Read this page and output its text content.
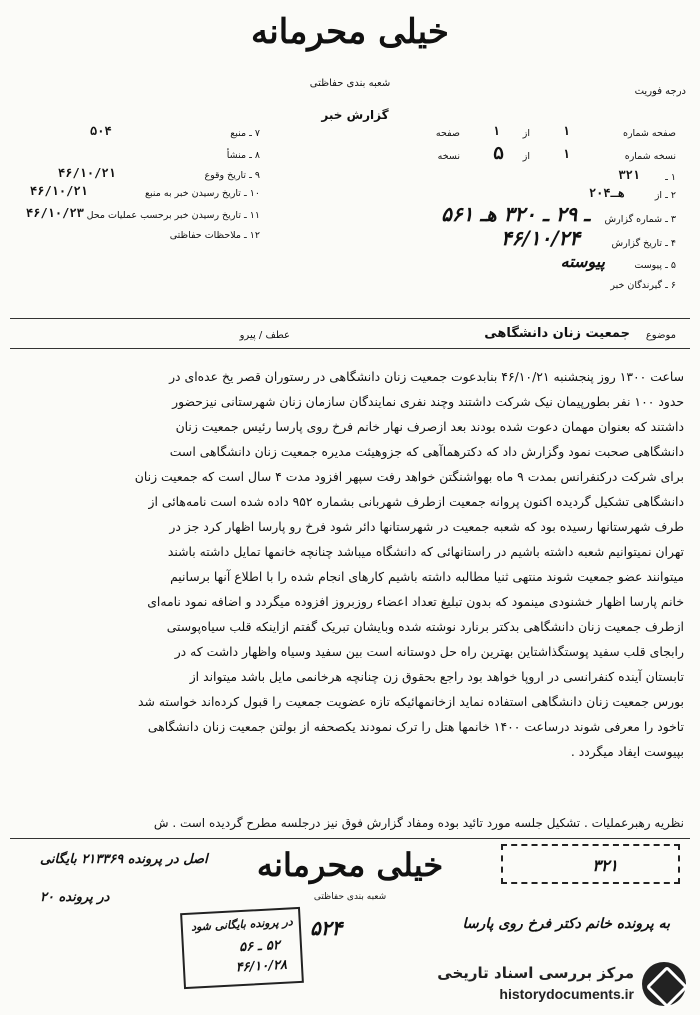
خیلی محرمانه
شعبه بندی حفاظتی
درجه فوریت
گزارش خبر
صفحه شماره
۱
از
۱
صفحه
نسخه شماره
۱
از
۵
نسخه
۱ ـ
۳۲۱
۲ ـ از
۲۰هـ۴
۳ ـ شماره گزارش
۵۶۱ ـ ۲۹ ـ ۳۲۰ هـ
۴ ـ تاریخ گزارش
۴۶/۱۰/۲۴
۵ ـ پیوست
پیوسته
۶ ـ گیرندگان خبر
۷ ـ منبع
۵۰۴
۸ ـ منشأ
۹ ـ تاریخ وقوع
۴۶/۱۰/۲۱
۱۰ ـ تاریخ رسیدن خبر به منبع
۴۶/۱۰/۲۱
۱۱ ـ تاریخ رسیدن خبر برحسب عملیات محل
۴۶/۱۰/۲۳
۱۲ ـ ملاحظات حفاظتی
موضوع
جمعیت زنان دانشگاهی
عطف / پیرو
ساعت ۱۳۰۰ روز پنجشنبه ۴۶/۱۰/۲۱ بنابدعوت جمعیت زنان دانشگاهی در رستوران قصر یخ عده‌ای در
حدود ۱۰۰ نفر بطورپیمان نیک شرکت داشتند وچند نفری نمایندگان سازمان زنان شهرستانی نیزحضور
داشتند که بعنوان مهمان دعوت شده بودند بعد ازصرف نهار خانم فرخ روی پارسا رئیس جمعیت زنان
دانشگاهی صحبت نمود وگزارش داد که دکترهماآهی که جزوهیئت مدیره جمعیت زنان دانشگاهی است
برای شرکت درکنفرانس بمدت ۹ ماه بهواشنگتن خواهد رفت سپهر افزود مدت ۴ سال است که جمعیت زنان
دانشگاهی تشکیل گردیده اکنون پروانه جمعیت ازطرف شهربانی بشماره ۹۵۲ داده شده است نامه‌هائی از
طرف شهرستانها رسیده بود که شعبه جمعیت در شهرستانها دائر شود فرخ رو پارسا اظهار کرد جز در
تهران نمیتوانیم شعبه داشته باشیم در راستانهائی که دانشگاه میباشد چنانچه خانمها تمایل داشته باشند
میتوانند عضو جمعیت شوند منتهی ثنیا مطالبه داشته باشیم کارهای انجام شده را با اطلاع آنها برسانیم
خانم پارسا اظهار خشنودی مینمود که بدون تبلیغ تعداد اعضاء روزبروز افزوده میگردد و اضافه نمود نامه‌ای
ازطرف جمعیت زنان دانشگاهی بدکتر برنارد نوشته شده وبایشان تبریک گفتم ازاینکه قلب سیاه‌پوستی
رابجای قلب سفید پوستگذاشتاین بهترین راه حل دوستانه است بین سفید وسیاه واظهار داشت که در
تابستان آینده کنفرانسی در اروپا خواهد بود راجع بحقوق زن چنانچه هرخانمی مایل باشد میتواند از
بورس جمعیت زنان دانشگاهی استفاده نماید ازخانمهائیکه تازه عضویت جمعیت را قبول کرده‌اند خواسته شد
تاخود را معرفی شوند درساعت ۱۴۰۰ خانمها هتل را ترک نمودند یکصحفه از بولتن جمعیت زنان دانشگاهی
بپیوست ایفاد میگردد .
نظریه رهبرعملیات . تشکیل جلسه مورد تائید بوده ومفاد گزارش فوق نیز درجلسه مطرح گردیده است . ش
خیلی محرمانه
شعبه بندی حفاظتی
اصل در پرونده ۲۱۳۳۶۹ بایگانی
در پرونده ۲۰
۳۲۱
به پرونده خانم دکتر فرخ روی پارسا
۵۲۴
در پرونده بایگانی شود
۵۲ ـ ۵۶
۴۶/۱۰/۲۸	مرکز بررسی اسناد تاریخی
historydocuments.ir
